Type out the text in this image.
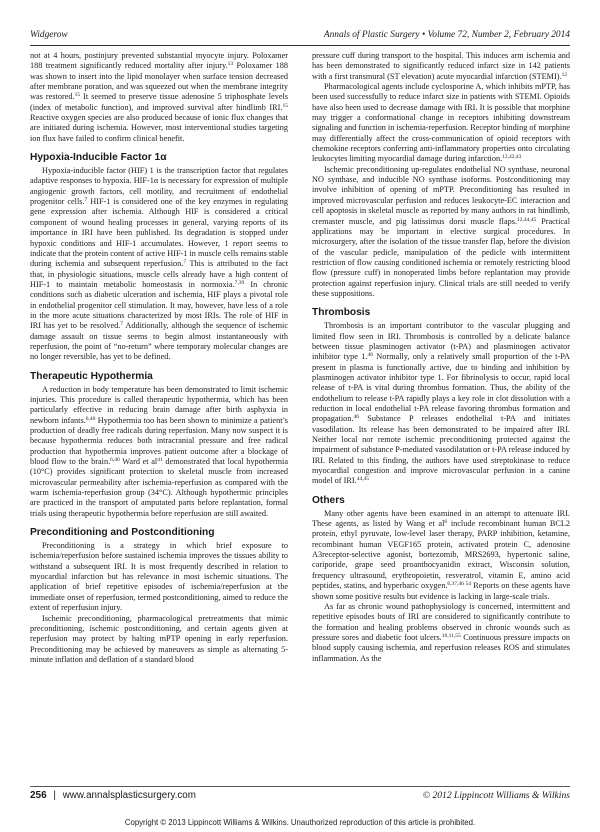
Widgerow	Annals of Plastic Surgery • Volume 72, Number 2, February 2014

not at 4 hours, postinjury prevented substantial myocyte injury. Poloxamer 188 treatment significantly reduced mortality after injury.$^{13}$ Poloxamer 188 was shown to insert into the lipid monolayer when surface tension decreased after membrane poration, and was squeezed out when the membrane integrity was restored.$^{15}$ It seemed to preserve tissue adenosine 5 triphosphate levels (index of metabolic function), and improved survival after hindlimb IRI.$^{15}$ Reactive oxygen species are also produced because of ionic flux changes that are initiated during ischemia. However, most interventional studies targeting ion flux have failed to confirm clinical benefit.

Hypoxia-Inducible Factor 1α

Hypoxia-inducible factor (HIF) 1 is the transcription factor that regulates adaptive responses to hypoxia. HIF-1α is necessary for expression of multiple angiogenic growth factors, cell motility, and recruitment of endothelial progenitor cells.$^7$ HIF-1 is considered one of the key enzymes in regulating gene expression after ischemia. Although HIF is considered a critical component of wound healing processes in general, varying reports of its importance in IRI have been published. Its degradation is stopped under hypoxic conditions and HIF-1 accumulates. However, 1 report seems to indicate that the protein content of active HIF-1 in muscle cells remains stable during ischemia and subsequent reperfusion.$^7$ This is attributed to the fact that, in physiologic situations, muscle cells already have a high content of HIF-1 to maintain metabolic homeostasis in normoxia.$^{7,39}$ In chronic conditions such as diabetic ulceration and ischemia, HIF plays a pivotal role in endothelial progenitor cell stimulation. It may, however, have less of a role in the more acute situations characterized by most IRIs. The role of HIF in IRI has yet to be resolved.$^7$ Additionally, although the sequence of ischemic damage assault on tissue seems to begin almost instantaneously with reperfusion, the point of “no-return” where temporary molecular changes are no longer reversible, has yet to be defined.

Therapeutic Hypothermia

A reduction in body temperature has been demonstrated to limit ischemic injuries. This procedure is called therapeutic hypothermia, which has been particularly effective in reducing brain damage after birth asphyxia in newborn infants.$^{6,40}$ Hypothermia too has been shown to minimize a patient’s production of deadly free radicals during reperfusion. Many now suspect it is because hypothermia reduces both intracranial pressure and free radical production that hypothermia improves patient outcome after a blockage of blood flow to the brain.$^{6,40}$ Ward et $al^{41}$ demonstrated that local hypothermia (10°C) provides significant protection to skeletal muscle from increased microvascular permeability after ischemia-reperfusion as compared with the warm ischemia-reperfusion group (34°C). Although hypothermic principles are practiced in the transport of amputated parts before replantation, formal trials using therapeutic hypothermia before reperfusion are still awaited.

Preconditioning and Postconditioning

Preconditioning is a strategy in which brief exposure to ischemia/reperfusion before sustained ischemia improves the tissues ability to withstand a subsequent IRI. It is most frequently described in relation to myocardial infarction but has relevance in most ischemic situations. The application of brief repetitive episodes of ischemia/reperfusion at the immediate onset of reperfusion, termed postconditioning, aimed to reduce the extent of reperfusion injury.

Ischemic preconditioning, pharmacological pretreatments that mimic preconditioning, ischemic postconditioning, and certain agents given at reperfusion may protect by halting mPTP opening in early reperfusion. Preconditioning may be achieved by maneuvers as simple as alternating 5-minute inflation and deflation of a standard blood

pressure cuff during transport to the hospital. This induces arm ischemia and has been demonstrated to significantly reduced infarct size in 142 patients with a first transmural (ST elevation) acute myocardial infarction (STEMI).$^{12}$

Pharmacological agents include cyclosporine A, which inhibits mPTP, has been used successfully to reduce infarct size in patients with STEMI. Opioids have also been used to decrease damage with IRI. It is possible that morphine may trigger a conformational change in receptors inhibiting downstream signaling and function in ischemia-reperfusion. Receptor binding of morphine may differentially affect the cross-communication of opioid receptors with chemokine receptors conferring anti-inflammatory properties onto circulating leukocytes limiting myocardial damage during infarction.$^{12,42,43}$

Ischemic preconditioning up-regulates endothelial NO synthase, neuronal NO synthase, and inducible NO synthase isoforms. Postconditioning may involve inhibition of opening of mPTP. Preconditioning has resulted in improved microvascular perfusion and reduces leukocyte-EC interaction and cell apoptosis in skeletal muscle as reported by many authors in rat hindlimb, cremaster muscle, and pig latissimus dorsi muscle flaps.$^{12,44,45}$ Practical applications may be important in elective surgical procedures. In microsurgery, after the isolation of the tissue transfer flap, before the division of the vascular pedicle, manipulation of the pedicle with intermittent restriction of flow causing conditioned ischemia or remotely restricting blood flow (pressure cuff) in nonoperated limbs before replantation may provide protection against reperfusion injury. Clinical trials are still needed to verify these suppositions.

Thrombosis

Thrombosis is an important contributor to the vascular plugging and limited flow seen in IRI. Thrombosis is controlled by a delicate balance between tissue plasminogen activator (t-PA) and plasminogen activator inhibitor type 1.46 Normally, only a relatively small proportion of the t-PA present in plasma is functionally active, due to binding and inhibition by plasminogen activator inhibitor type 1. For fibrinolysis to occur, rapid local release of t-PA is vital during thrombus formation. Thus, the ability of the endothelium to release t-PA rapidly plays a key role in clot dissolution with a reduction in local endothelial t-PA release favoring thrombus formation and propagation.$^{46}$ Substance P releases endothelial t-PA and initiates vasodilation. Its release has been demonstrated to be impaired after IRI. Neither local nor remote ischemic preconditioning protected against the impairment of substance P-mediated vasodilatation or t-PA release induced by IRI. Related to this finding, the authors have used streptokinase to reduce myocardial congestion and improve microvascular perfusion in a canine model of IRI.$^{44,45}$

Others

Many other agents have been examined in an attempt to attenuate IRI. These agents, as listed by Wang et $al^6$ include recombinant human BCL2 protein, ethyl pyruvate, low-level laser therapy, PARP inhibition, ketamine, recombinant human VEGF165 protein, activated protein C, adenosine A3receptor-selective agonist, bortezomib, MRS2693, hypertonic saline, cariporide, grape seed proanthocyanidin extract, Wisconsin solution, frequency ultrasound, erythropoietin, resveratrol, vitamin E, amino acid peptides, statins, and hyperbaric oxygen.$^{6,37,46 54}$ Reports on these agents have shown some positive results but evidence is lacking in large-scale trials.

As far as chronic wound pathophysiology is concerned, intermittent and repetitive episodes bouts of IRI are considered to significantly contribute to the formation and healing problems observed in chronic wounds such as pressure sores and diabetic foot ulcers.$^{10,11,55}$ Continuous pressure impacts on blood supply causing ischemia, and reperfusion releases ROS and stimulates inflammation. As the

256 | www.annalsplasticsurgery.com	© 2012 Lippincott Williams & Wilkins
Copyright © 2013 Lippincott Williams & Wilkins. Unauthorized reproduction of this article is prohibited.
